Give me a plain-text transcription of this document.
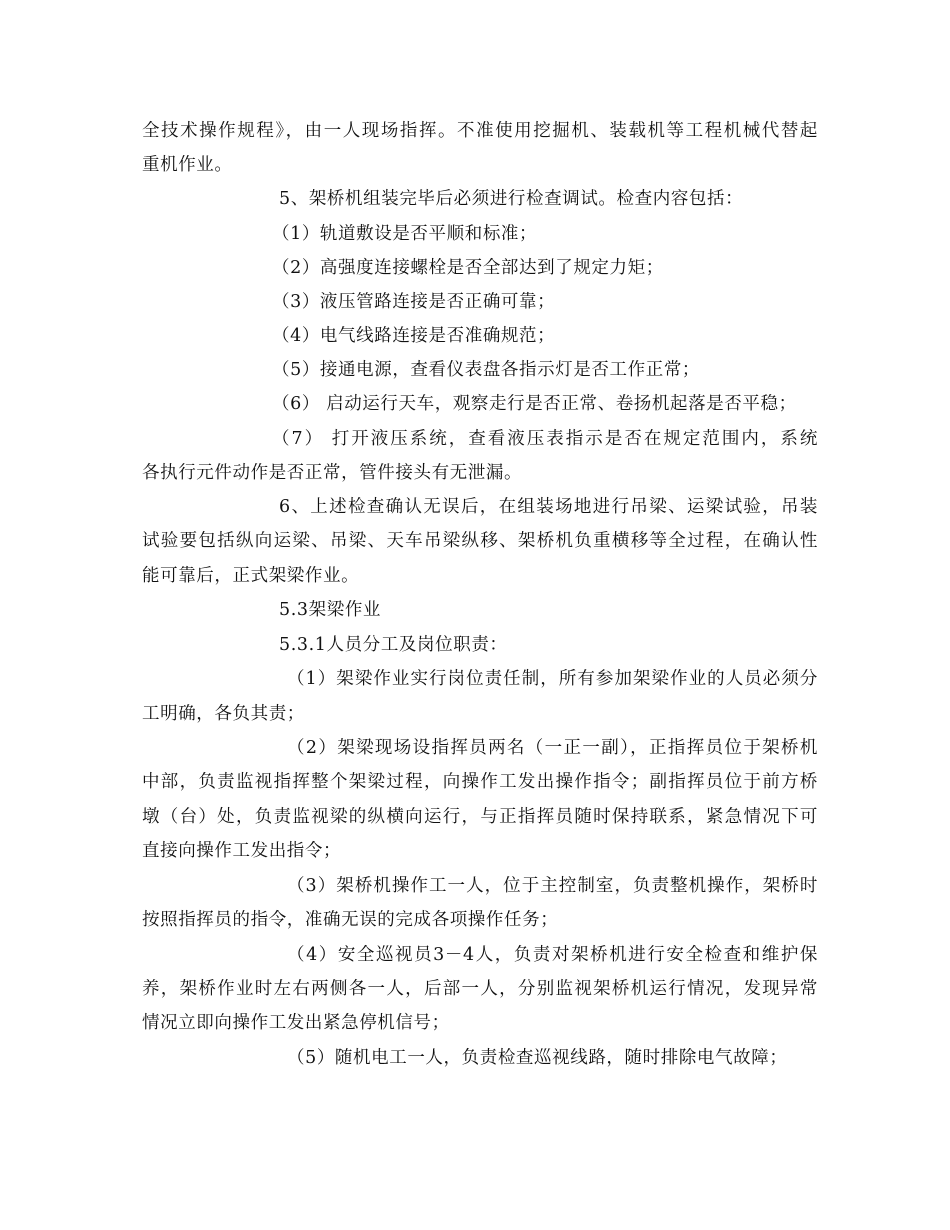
全技术操作规程》，由一人现场指挥。不准使用挖掘机、装载机等工程机械代替起
重机作业。
5、架桥机组装完毕后必须进行检查调试。检查内容包括：
（1）轨道敷设是否平顺和标准；
（2）高强度连接螺栓是否全部达到了规定力矩；
（3）液压管路连接是否正确可靠；
（4）电气线路连接是否准确规范；
（5）接通电源，查看仪表盘各指示灯是否工作正常；
（6） 启动运行天车，观察走行是否正常、卷扬机起落是否平稳；
（7） 打开液压系统，查看液压表指示是否在规定范围内，系统
各执行元件动作是否正常，管件接头有无泄漏。
6、上述检查确认无误后，在组装场地进行吊梁、运梁试验，吊装
试验要包括纵向运梁、吊梁、天车吊梁纵移、架桥机负重横移等全过程，在确认性
能可靠后，正式架梁作业。
5.3架梁作业
5.3.1人员分工及岗位职责：
（1）架梁作业实行岗位责任制，所有参加架梁作业的人员必须分
工明确，各负其责；
（2）架梁现场设指挥员两名（一正一副），正指挥员位于架桥机
中部，负责监视指挥整个架梁过程，向操作工发出操作指令；副指挥员位于前方桥
墩（台）处，负责监视梁的纵横向运行，与正指挥员随时保持联系，紧急情况下可
直接向操作工发出指令；
（3）架桥机操作工一人，位于主控制室，负责整机操作，架桥时
按照指挥员的指令，准确无误的完成各项操作任务；
（4）安全巡视员3－4人，负责对架桥机进行安全检查和维护保
养，架桥作业时左右两侧各一人，后部一人，分别监视架桥机运行情况，发现异常
情况立即向操作工发出紧急停机信号；
（5）随机电工一人，负责检查巡视线路，随时排除电气故障；
